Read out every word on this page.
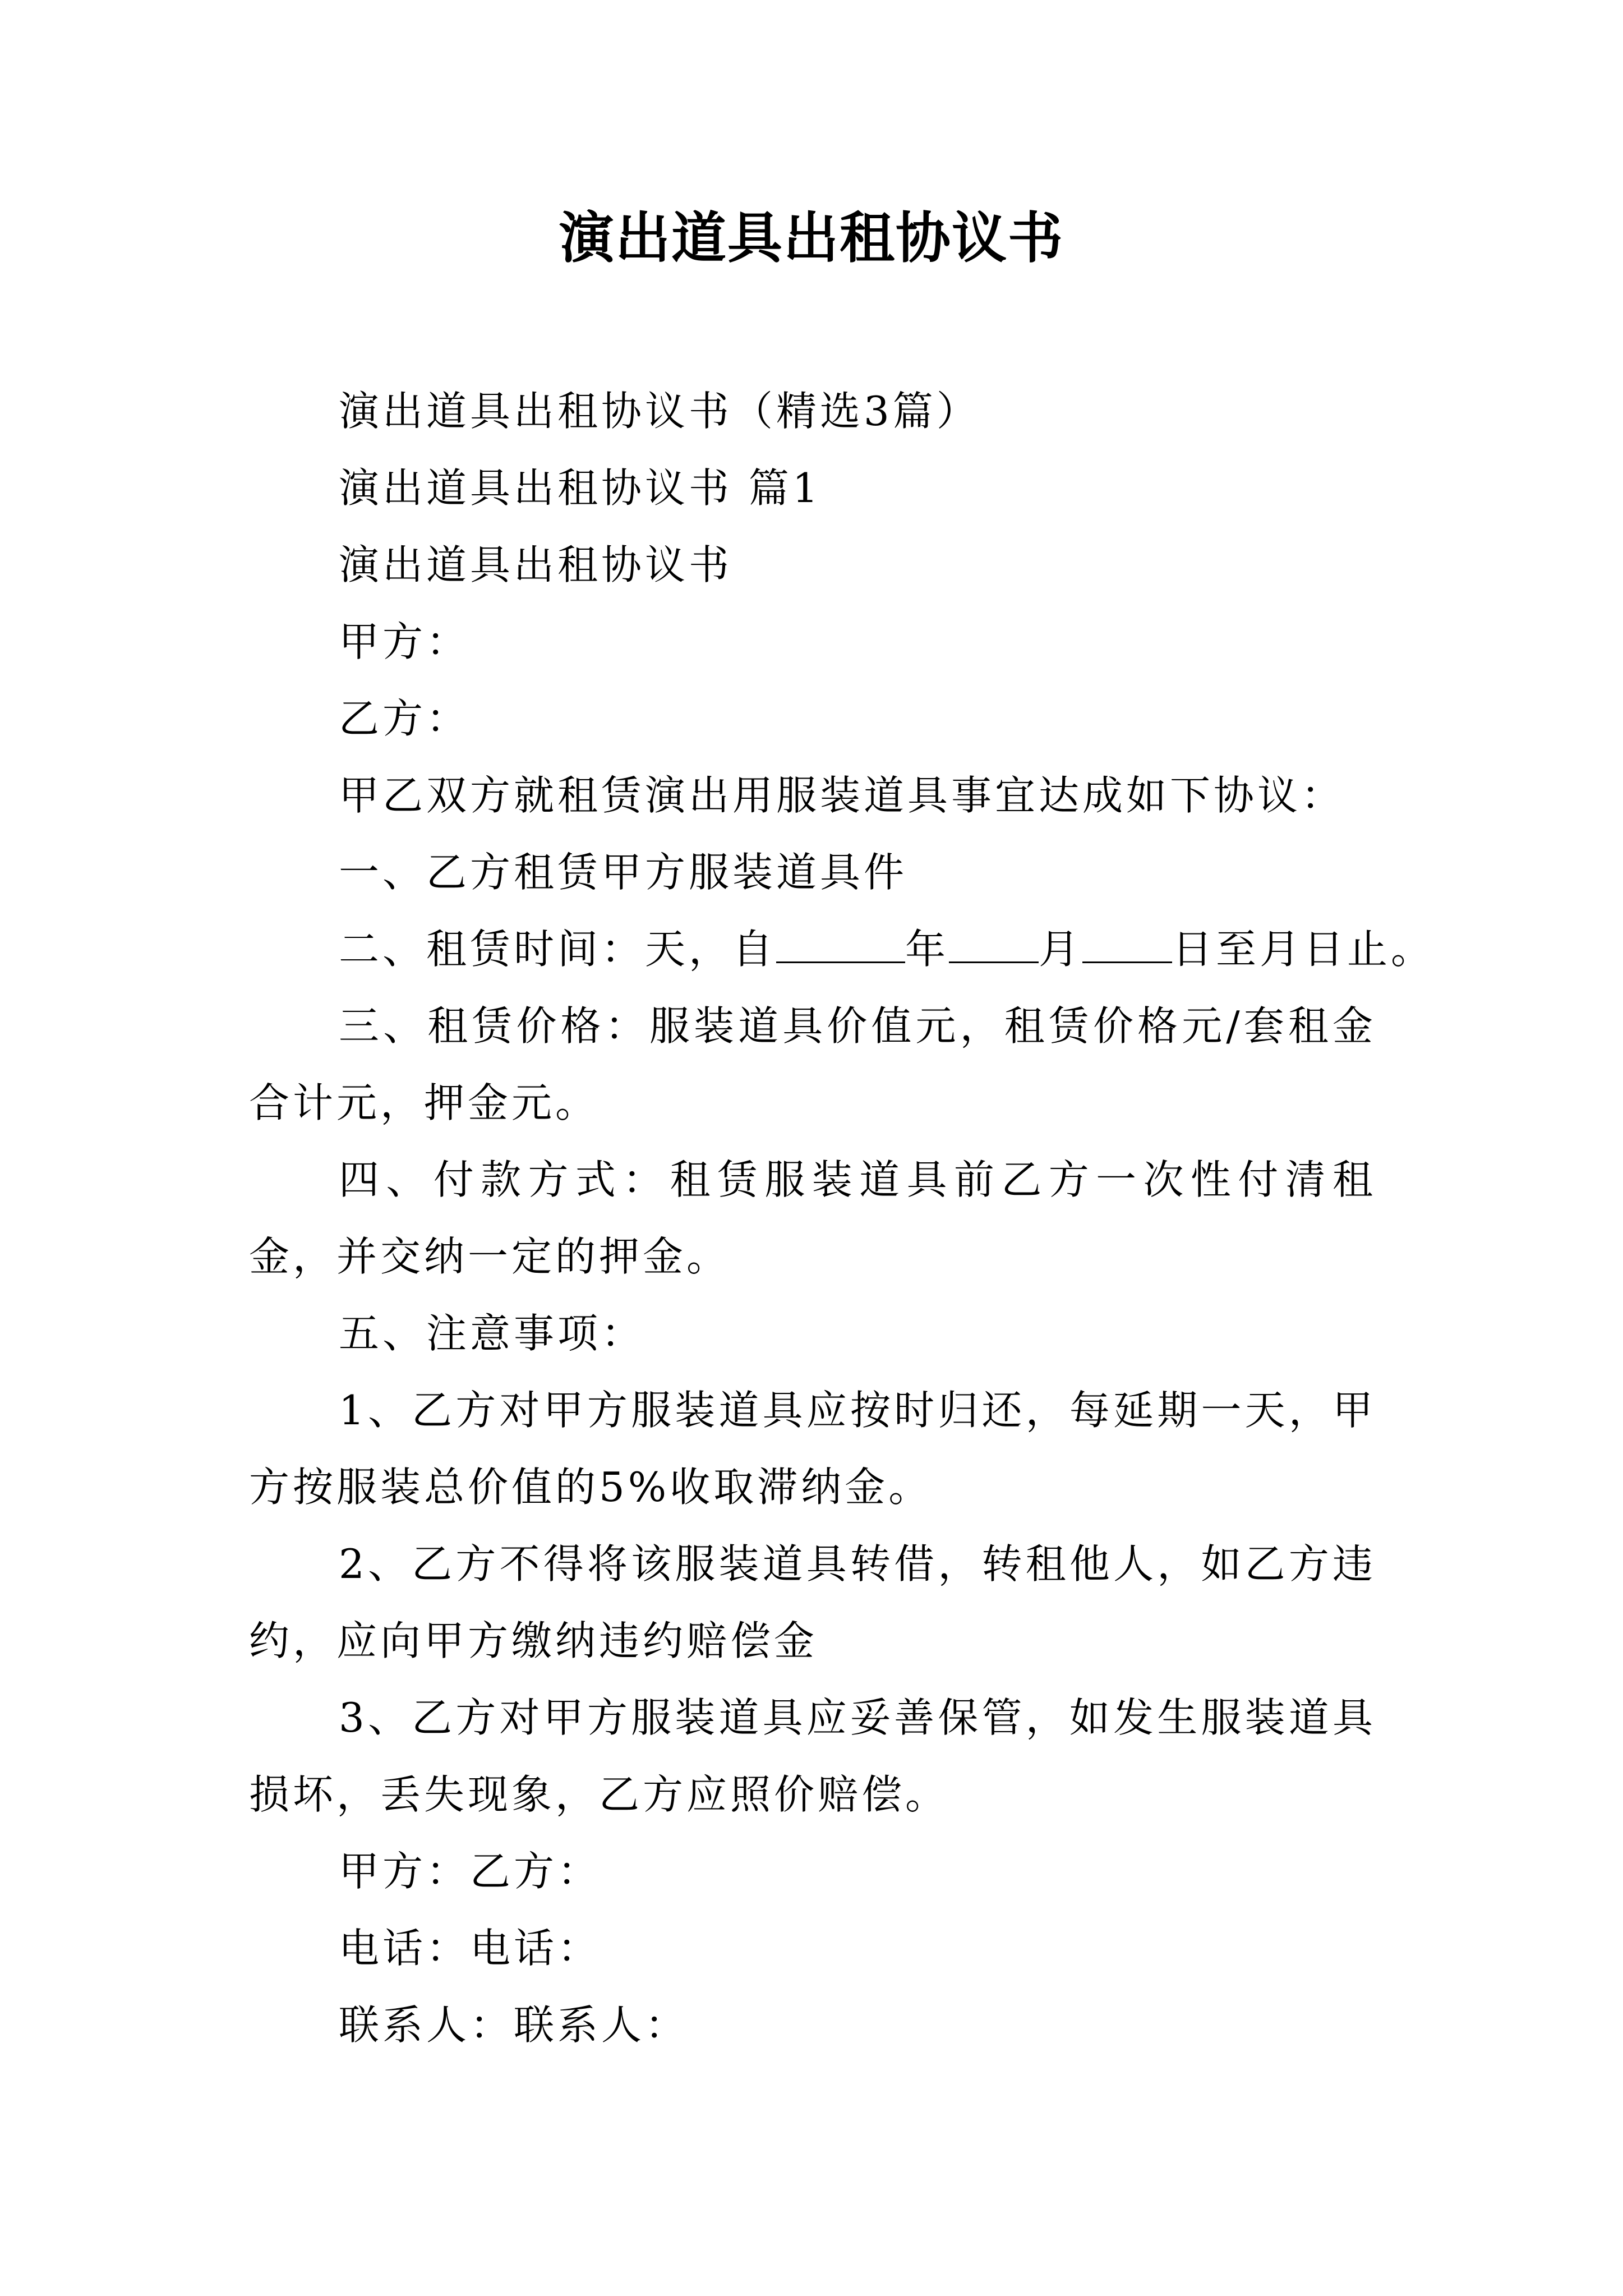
演出道具出租协议书

演出道具出租协议书（精选3篇）

演出道具出租协议书 篇1

演出道具出租协议书

甲方：

乙方：

甲乙双方就租赁演出用服装道具事宜达成如下协议：

一、乙方租赁甲方服装道具件

二、租赁时间：天，自	年 月 日至月日止。

三、租赁价格：服装道具价值元，租赁价格元/套租金合计元，押金元。

四、付款方式：租赁服装道具前乙方一次性付清租金，并交纳一定的押金。

五、注意事项：

1、乙方对甲方服装道具应按时归还，每延期一天，甲方按服装总价值的5%收取滞纳金。

2、乙方不得将该服装道具转借，转租他人，如乙方违约，应向甲方缴纳违约赔偿金

3、乙方对甲方服装道具应妥善保管，如发生服装道具损坏，丢失现象，乙方应照价赔偿。

甲方：乙方：

电话：电话：

联系人：联系人：
